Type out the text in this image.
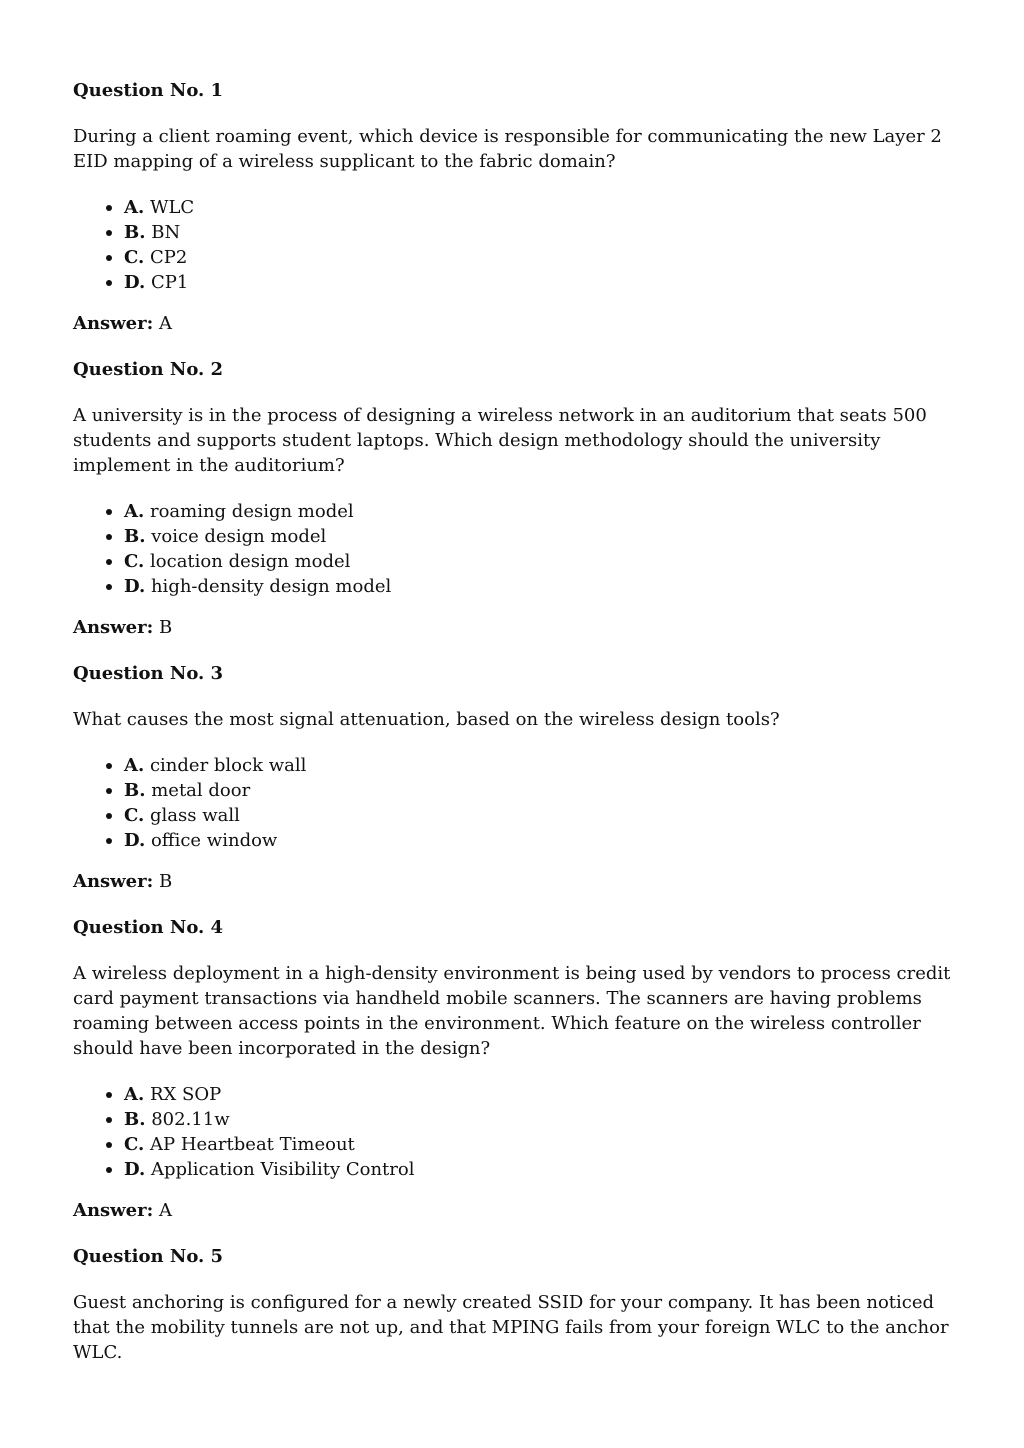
Question No. 1

During a client roaming event, which device is responsible for communicating the new Layer 2 EID mapping of a wireless supplicant to the fabric domain?

A. WLC
B. BN
C. CP2
D. CP1

Answer: A

Question No. 2

A university is in the process of designing a wireless network in an auditorium that seats 500 students and supports student laptops. Which design methodology should the university implement in the auditorium?

A. roaming design model
B. voice design model
C. location design model
D. high-density design model

Answer: B

Question No. 3

What causes the most signal attenuation, based on the wireless design tools?

A. cinder block wall
B. metal door
C. glass wall
D. office window

Answer: B

Question No. 4

A wireless deployment in a high-density environment is being used by vendors to process credit card payment transactions via handheld mobile scanners. The scanners are having problems roaming between access points in the environment. Which feature on the wireless controller should have been incorporated in the design?

A. RX SOP
B. 802.11w
C. AP Heartbeat Timeout
D. Application Visibility Control

Answer: A

Question No. 5

Guest anchoring is configured for a newly created SSID for your company. It has been noticed that the mobility tunnels are not up, and that MPING fails from your foreign WLC to the anchor WLC.
